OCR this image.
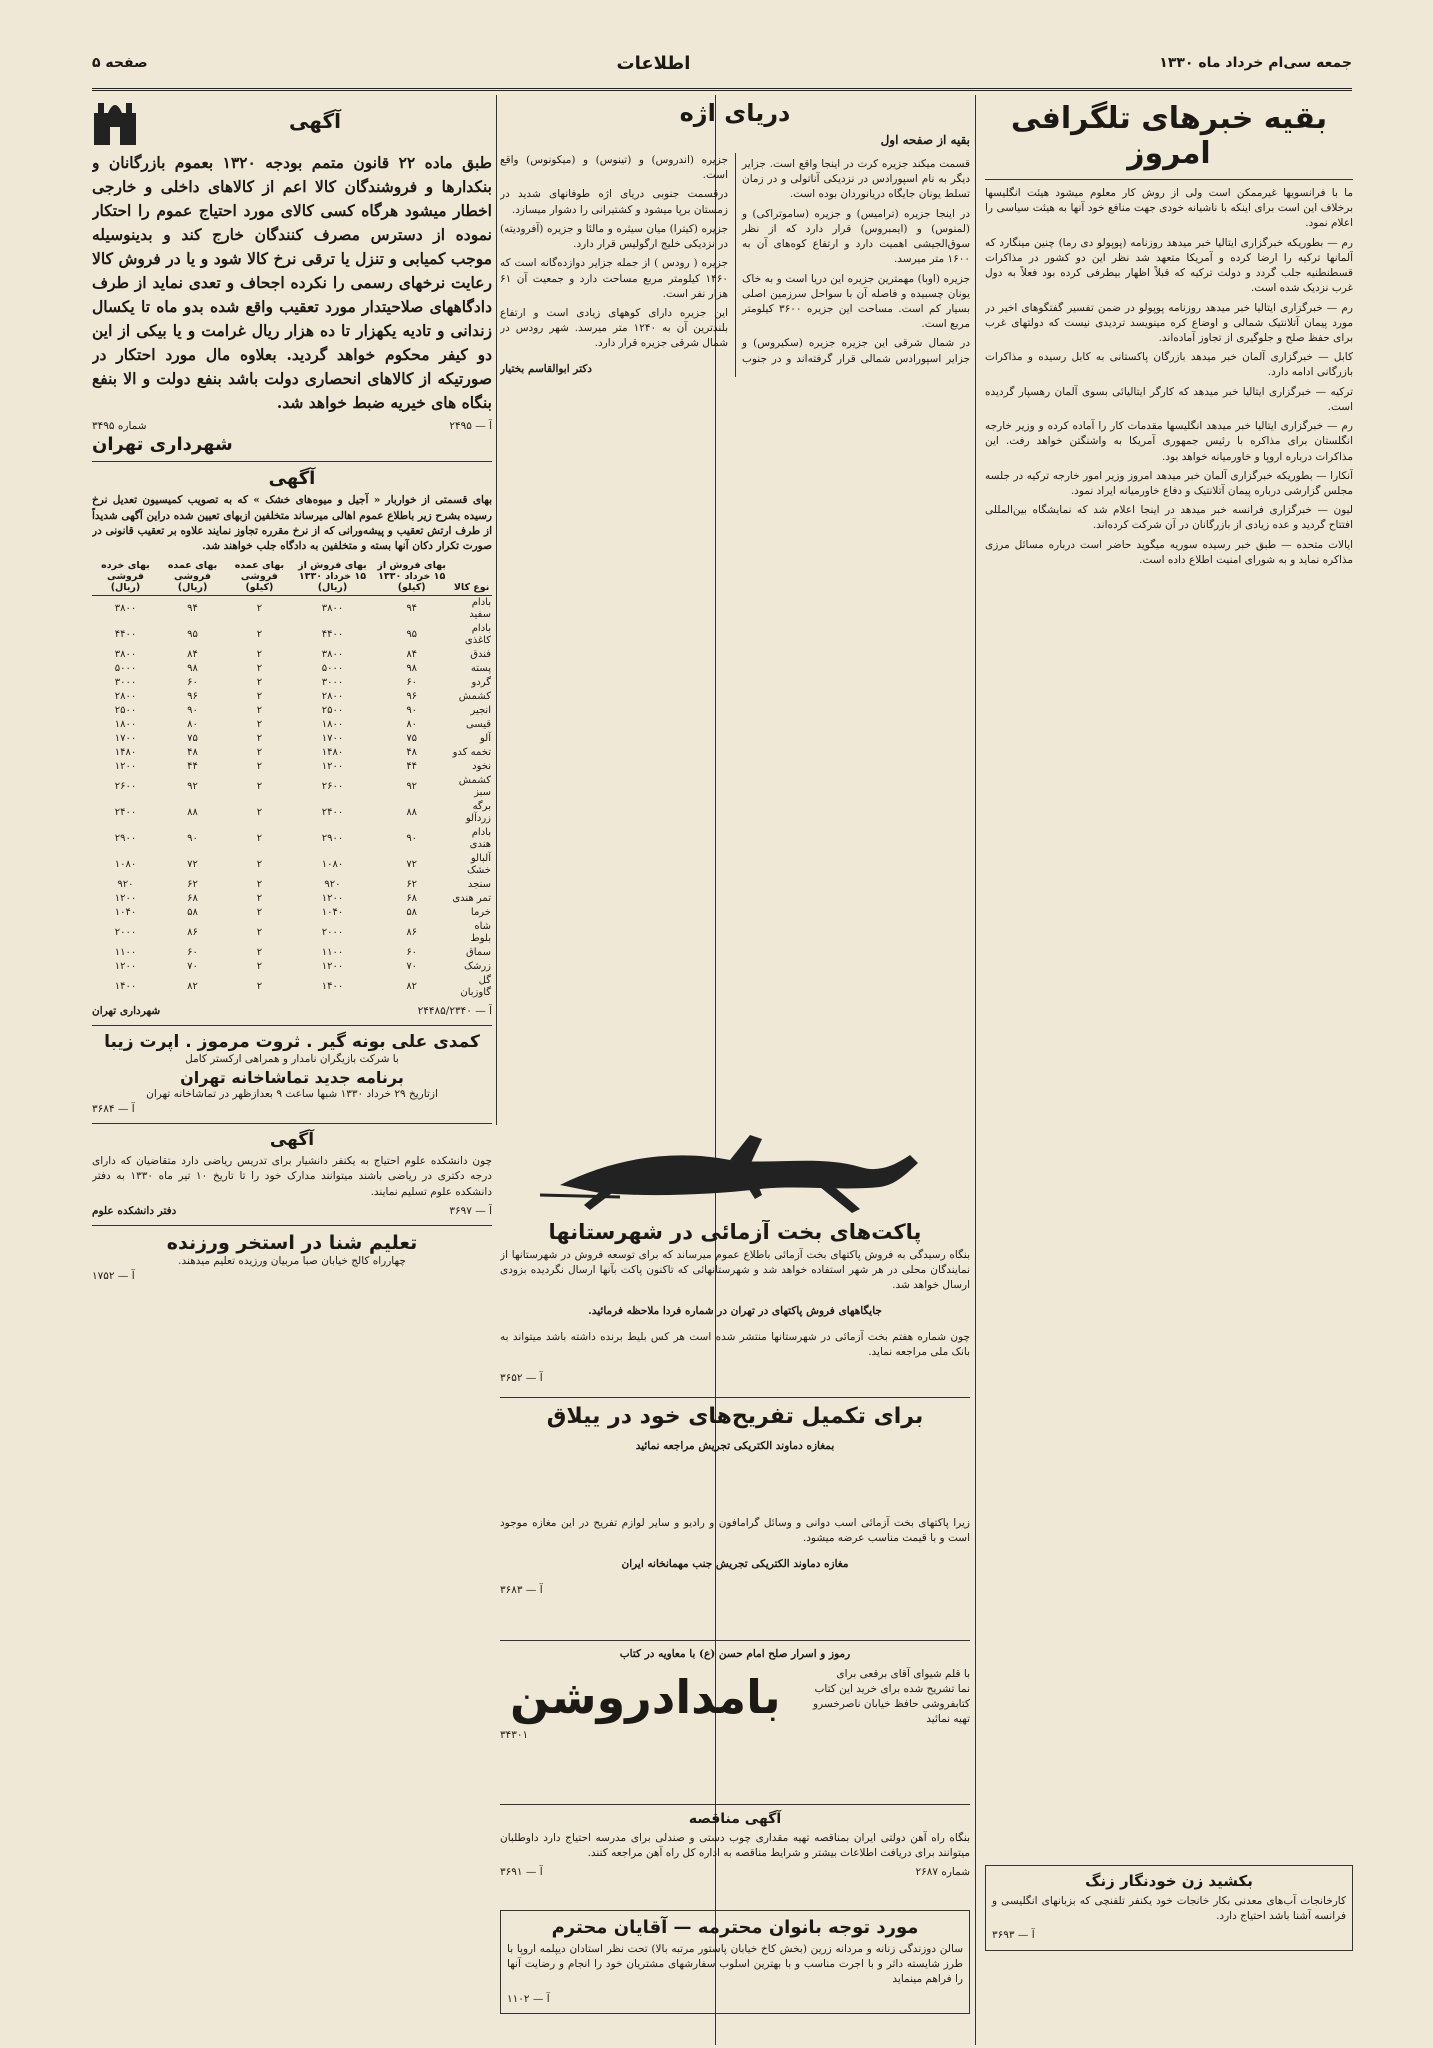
جمعه سی‌ام خرداد ماه ۱۳۳۰
اطلاعات
صفحه ۵
بقیه خبرهای تلگرافی امروز

ما با فرانسویها غیرممکن است ولی از روش کار معلوم میشود هیئت انگلیسها برخلاف این است برای اینکه با ناشیانه خودی جهت منافع خود آنها به هیئت سیاسی را اعلام نمود.

رم — بطوریکه خبرگزاری ایتالیا خبر میدهد روزنامه (پوپولو دی رما) چنین مینگارد که آلمانها ترکیه را ارضا کرده و آمریکا متعهد شد نظر این دو کشور در مذاکرات قسطنطنیه جلب گردد و دولت ترکیه که قبلاً اظهار بیطرفی کرده بود فعلاً به دول غرب نزدیک شده است.

رم — خبرگزاری ایتالیا خبر میدهد روزنامه پوپولو در ضمن تفسیر گفتگوهای اخیر در مورد پیمان آتلانتیک شمالی و اوضاع کره مینویسد تردیدی نیست که دولتهای غرب برای حفظ صلح و جلوگیری از تجاوز آماده‌اند.

کابل — خبرگزاری آلمان خبر میدهد بازرگان پاکستانی به کابل رسیده و مذاکرات بازرگانی ادامه دارد.

ترکیه — خبرگزاری ایتالیا خبر میدهد که کارگر ایتالیائی بسوی آلمان رهسپار گردیده است.

رم — خبرگزاری ایتالیا خبر میدهد انگلیسها مقدمات کار را آماده کرده و وزیر خارجه انگلستان برای مذاکره با رئیس جمهوری آمریکا به واشنگتن خواهد رفت. این مذاکرات درباره اروپا و خاورمیانه خواهد بود.

آنکارا — بطوریکه خبرگزاری آلمان خبر میدهد امروز وزیر امور خارجه ترکیه در جلسه مجلس گزارشی درباره پیمان آتلانتیک و دفاع خاورمیانه ایراد نمود.

لیون — خبرگزاری فرانسه خبر میدهد در اینجا اعلام شد که نمایشگاه بین‌المللی افتتاح گردید و عده زیادی از بازرگانان در آن شرکت کرده‌اند.

ایالات متحده — طبق خبر رسیده سوریه میگوید حاضر است درباره مسائل مرزی مذاکره نماید و به شورای امنیت اطلاع داده است.

دریای اژه
بقیه از صفحه اول

قسمت میکند جزیره کرت در اینجا واقع است. جزایر دیگر به نام اسپورادس در نزدیکی آناتولی و در زمان تسلط یونان جایگاه دریانوردان بوده است.

در اینجا جزیره (ترامیس) و جزیره (ساموتراکی) و (لمنوس) و (ایمبروس) قرار دارد که از نظر سوق‌الجیشی اهمیت دارد و ارتفاع کوه‌های آن به ۱۶۰۰ متر میرسد.

جزیره (اوبا) مهمترین جزیره این دریا است و به خاک یونان چسبیده و فاصله آن با سواحل سرزمین اصلی بسیار کم است. مساحت این جزیره ۳۶۰۰ کیلومتر مربع است.

در شمال شرقی این جزیره جزیره (سکیروس) و جزایر اسپورادس شمالی قرار گرفته‌اند و در جنوب جزیره (اندروس) و (تینوس) و (میکونوس) واقع است.

درقسمت جنوبی دریای اژه طوفانهای شدید در زمستان برپا میشود و کشتیرانی را دشوار میسازد.

جزیره (کیترا) میان سیثره و مالئا و جزیره (آفرودیته) در نزدیکی خلیج ارگولیس قرار دارد.

جزیره ( رودس ) از جمله جزایر دوازده‌گانه است که ۱۴۶۰ کیلومتر مربع مساحت دارد و جمعیت آن ۶۱ هزار نفر است.

این جزیره دارای کوههای زیادی است و ارتفاع بلندترین آن به ۱۲۴۰ متر میرسد. شهر رودس در شمال شرقی جزیره قرار دارد.

دکتر ابوالقاسم بختیار

پاکت‌های بخت آزمائی در شهرستانها

بنگاه رسیدگی به فروش پاکتهای بخت آزمائی باطلاع عموم میرساند که برای توسعه فروش در شهرستانها از نمایندگان محلی در هر شهر استفاده خواهد شد و شهرستانهائی که تاکنون پاکت بآنها ارسال نگردیده بزودی ارسال خواهد شد.

جایگاههای فروش پاکتهای در تهران در شماره فردا ملاحظه فرمائید.

چون شماره هفتم بخت آزمائی در شهرستانها منتشر شده است هر کس بلیط برنده داشته باشد میتواند به بانک ملی مراجعه نماید.

آ — ۳۶۵۲

برای تکمیل تفریح‌های خود در ییلاق

بمغازه دماوند الکتریکی تجریش مراجعه نمائید

زیرا پاکتهای بخت آزمائی اسب دوانی و وسائل گرامافون و رادیو و سایر لوازم تفریح در این مغازه موجود است و با قیمت مناسب عرضه میشود.

مغازه دماوند الکتریکی تجریش جنب مهمانخانه ایران

آ — ۳۶۸۳

رموز و اسرار صلح امام حسن (ع) با معاویه در کتاب
با قلم شیوای آقای برقعی برای
نما تشریح شده برای خرید این کتاب
کتابفروشی حافظ خیابان ناصرخسرو
تهیه نمائید
بامدادروشن
۳۴۳۰۱
آگهی مناقصه

بنگاه راه آهن دولتی ایران بمناقصه تهیه مقداری چوب دستی و صندلی برای مدرسه احتیاج دارد داوطلبان میتوانند برای دریافت اطلاعات بیشتر و شرایط مناقصه به اداره کل راه آهن مراجعه کنند.

شماره ۲۶۸۷
آ — ۳۶۹۱
مورد توجه بانوان محترمه — آقایان محترم

سالن دوزندگی زنانه و مردانه زرین (بخش کاخ خیابان پاستور مرتبه بالا) تحت نظر استادان دیپلمه اروپا با طرز شایسته داثر و با اجرت مناسب و با بهترین اسلوب سفارشهای مشتریان خود را انجام و رضایت آنها را فراهم مینماید

آ — ۱۱۰۲
بکشید زن خودنگار زنگ

کارخانجات آب‌های معدنی بکار خانجات خود یکنفر تلفنچی که بزبانهای انگلیسی و فرانسه آشنا باشد احتیاج دارد.

آ — ۳۶۹۳
آگهی

طبق ماده ۲۲ قانون متمم بودجه ۱۳۲۰ بعموم بازرگانان و بنکدارها و فروشندگان کالا اعم از کالاهای داخلی و خارجی اخطار میشود هرگاه کسی کالای مورد احتیاج عموم را احتکار نموده از دسترس مصرف کنندگان خارج کند و بدینوسیله موجب کمیابی و تنزل یا ترقی نرخ کالا شود و یا در فروش کالا رعایت نرخهای رسمی را نکرده اجحاف و تعدی نماید از طرف دادگاههای صلاحیتدار مورد تعقیب واقع شده بدو ماه تا یکسال زندانی و تادیه یکهزار تا ده هزار ریال غرامت و یا بیکی از این دو کیفر محکوم خواهد گردید. بعلاوه مال مورد احتکار در صورتیکه از کالاهای انحصاری دولت باشد بنفع دولت و الا بنفع بنگاه های خیریه ضبط خواهد شد.

آ — ۲۴۹۵
شماره ۳۴۹۵
شهرداری تهران
آگهی

بهای قسمتی از خواربار « آجیل و میوه‌های خشک » که به تصویب کمیسیون تعدیل نرخ رسیده بشرح زیر باطلاع عموم اهالی میرساند متخلفین ازبهای تعیین شده دراین آگهی شدیداً از طرف ارتش تعقیب و پیشه‌ورانی که از نرخ مقرره تجاوز نمایند علاوه بر تعقیب قانونی در صورت تکرار دکان آنها بسته و متخلفین به دادگاه جلب خواهند شد.

نوع کالا	بهای فروش از ۱۵ خرداد ۱۳۳۰ (کیلو)	بهای فروش از ۱۵ خرداد ۱۳۳۰ (ریال)	بهای عمده فروشی (کیلو)	بهای عمده فروشی (ریال)	بهای خرده فروشی (ریال)
بادام سفید	۹۴	۳۸۰۰	۲	۹۴	۳۸۰۰
بادام کاغذی	۹۵	۴۴۰۰	۲	۹۵	۴۴۰۰
فندق	۸۴	۳۸۰۰	۲	۸۴	۳۸۰۰
پسته	۹۸	۵۰۰۰	۲	۹۸	۵۰۰۰
گردو	۶۰	۳۰۰۰	۲	۶۰	۳۰۰۰
کشمش	۹۶	۲۸۰۰	۲	۹۶	۲۸۰۰
انجیر	۹۰	۲۵۰۰	۲	۹۰	۲۵۰۰
قیسی	۸۰	۱۸۰۰	۲	۸۰	۱۸۰۰
آلو	۷۵	۱۷۰۰	۲	۷۵	۱۷۰۰
تخمه کدو	۴۸	۱۴۸۰	۲	۴۸	۱۴۸۰
نخود	۴۴	۱۲۰۰	۲	۴۴	۱۲۰۰
کشمش سبز	۹۲	۲۶۰۰	۲	۹۲	۲۶۰۰
برگه زردآلو	۸۸	۲۴۰۰	۲	۸۸	۲۴۰۰
بادام هندی	۹۰	۲۹۰۰	۲	۹۰	۲۹۰۰
آلبالو خشک	۷۲	۱۰۸۰	۲	۷۲	۱۰۸۰
سنجد	۶۲	۹۲۰	۲	۶۲	۹۲۰
تمر هندی	۶۸	۱۲۰۰	۲	۶۸	۱۲۰۰
خرما	۵۸	۱۰۴۰	۲	۵۸	۱۰۴۰
شاه بلوط	۸۶	۲۰۰۰	۲	۸۶	۲۰۰۰
سماق	۶۰	۱۱۰۰	۲	۶۰	۱۱۰۰
زرشک	۷۰	۱۲۰۰	۲	۷۰	۱۲۰۰
گل گاوزبان	۸۲	۱۴۰۰	۲	۸۲	۱۴۰۰
آ — ۲۴۴۸۵/۲۳۴۰
شهرداری تهران
کمدی علی بونه گیر . ثروت مرموز . اپرت زیبا
با شرکت بازیگران نامدار و همراهی ارکستر کامل
برنامه جدید تماشاخانه تهران
ازتاریخ ۲۹ خرداد ۱۳۳۰ شبها ساعت ۹ بعدازظهر در تماشاخانه تهران
آ — ۳۶۸۴
آگهی

چون دانشکده علوم احتیاج به یکنفر دانشیار برای تدریس ریاضی دارد متقاضیان که دارای درجه دکتری در ریاضی باشند میتوانند مدارک خود را تا تاریخ ۱۰ تیر ماه ۱۳۳۰ به دفتر دانشکده علوم تسلیم نمایند.

آ — ۳۶۹۷
دفتر دانشکده علوم
تعلیم شنا در استخر ورزنده
چهارراه کالج خیابان صبا مربیان ورزیده تعلیم میدهند.
آ — ۱۷۵۲
